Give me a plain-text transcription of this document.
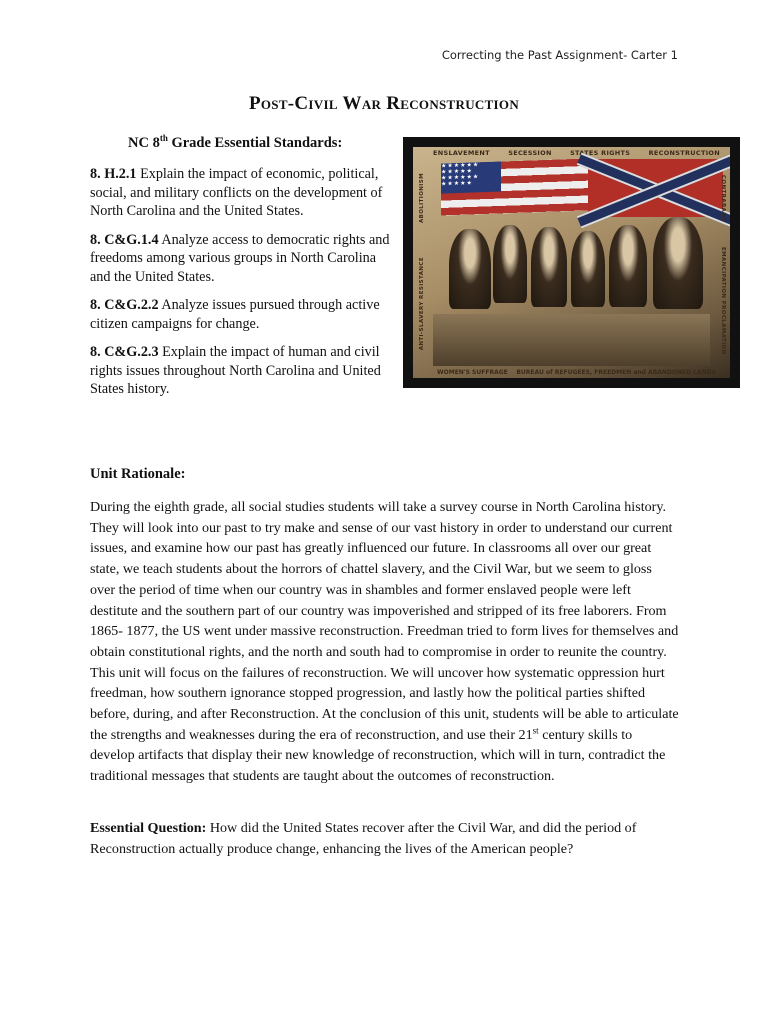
Correcting the Past Assignment- Carter 1
Post-Civil War Reconstruction
NC 8th Grade Essential Standards:

8. H.2.1 Explain the impact of economic, political, social, and military conflicts on the development of North Carolina and the United States.

8. C&G.1.4 Analyze access to democratic rights and freedoms among various groups in North Carolina and the United States.

8. C&G.2.2 Analyze issues pursued through active citizen campaigns for change.

8. C&G.2.3 Explain the impact of human and civil rights issues throughout North Carolina and United States history.

ENSLAVEMENT	SECESSION	STATES RIGHTS	RECONSTRUCTION
★★★★★★ ★★★★★ ★★★★★★ ★★★★★
ABOLITIONISM
ANTI-SLAVERY RESISTANCE
CONTRABAND
EMANCIPATION PROCLAMATION
WOMEN'S SUFFRAGE BUREAU of REFUGEES, FREEDMEN and ABANDONED LANDS
Unit Rationale:

During the eighth grade, all social studies students will take a survey course in North Carolina history. They will look into our past to try make and sense of our vast history in order to understand our current issues, and examine how our past has greatly influenced our future. In classrooms all over our great state, we teach students about the horrors of chattel slavery, and the Civil War, but we seem to gloss over the period of time when our country was in shambles and former enslaved people were left destitute and the southern part of our country was impoverished and stripped of its free laborers. From 1865- 1877, the US went under massive reconstruction. Freedman tried to form lives for themselves and obtain constitutional rights, and the north and south had to compromise in order to reunite the country. This unit will focus on the failures of reconstruction. We will uncover how systematic oppression hurt freedman, how southern ignorance stopped progression, and lastly how the political parties shifted before, during, and after Reconstruction. At the conclusion of this unit, students will be able to articulate the strengths and weaknesses during the era of reconstruction, and use their 21st century skills to develop artifacts that display their new knowledge of reconstruction, which will in turn, contradict the traditional messages that students are taught about the outcomes of reconstruction.

Essential Question: How did the United States recover after the Civil War, and did the period of Reconstruction actually produce change, enhancing the lives of the American people?
